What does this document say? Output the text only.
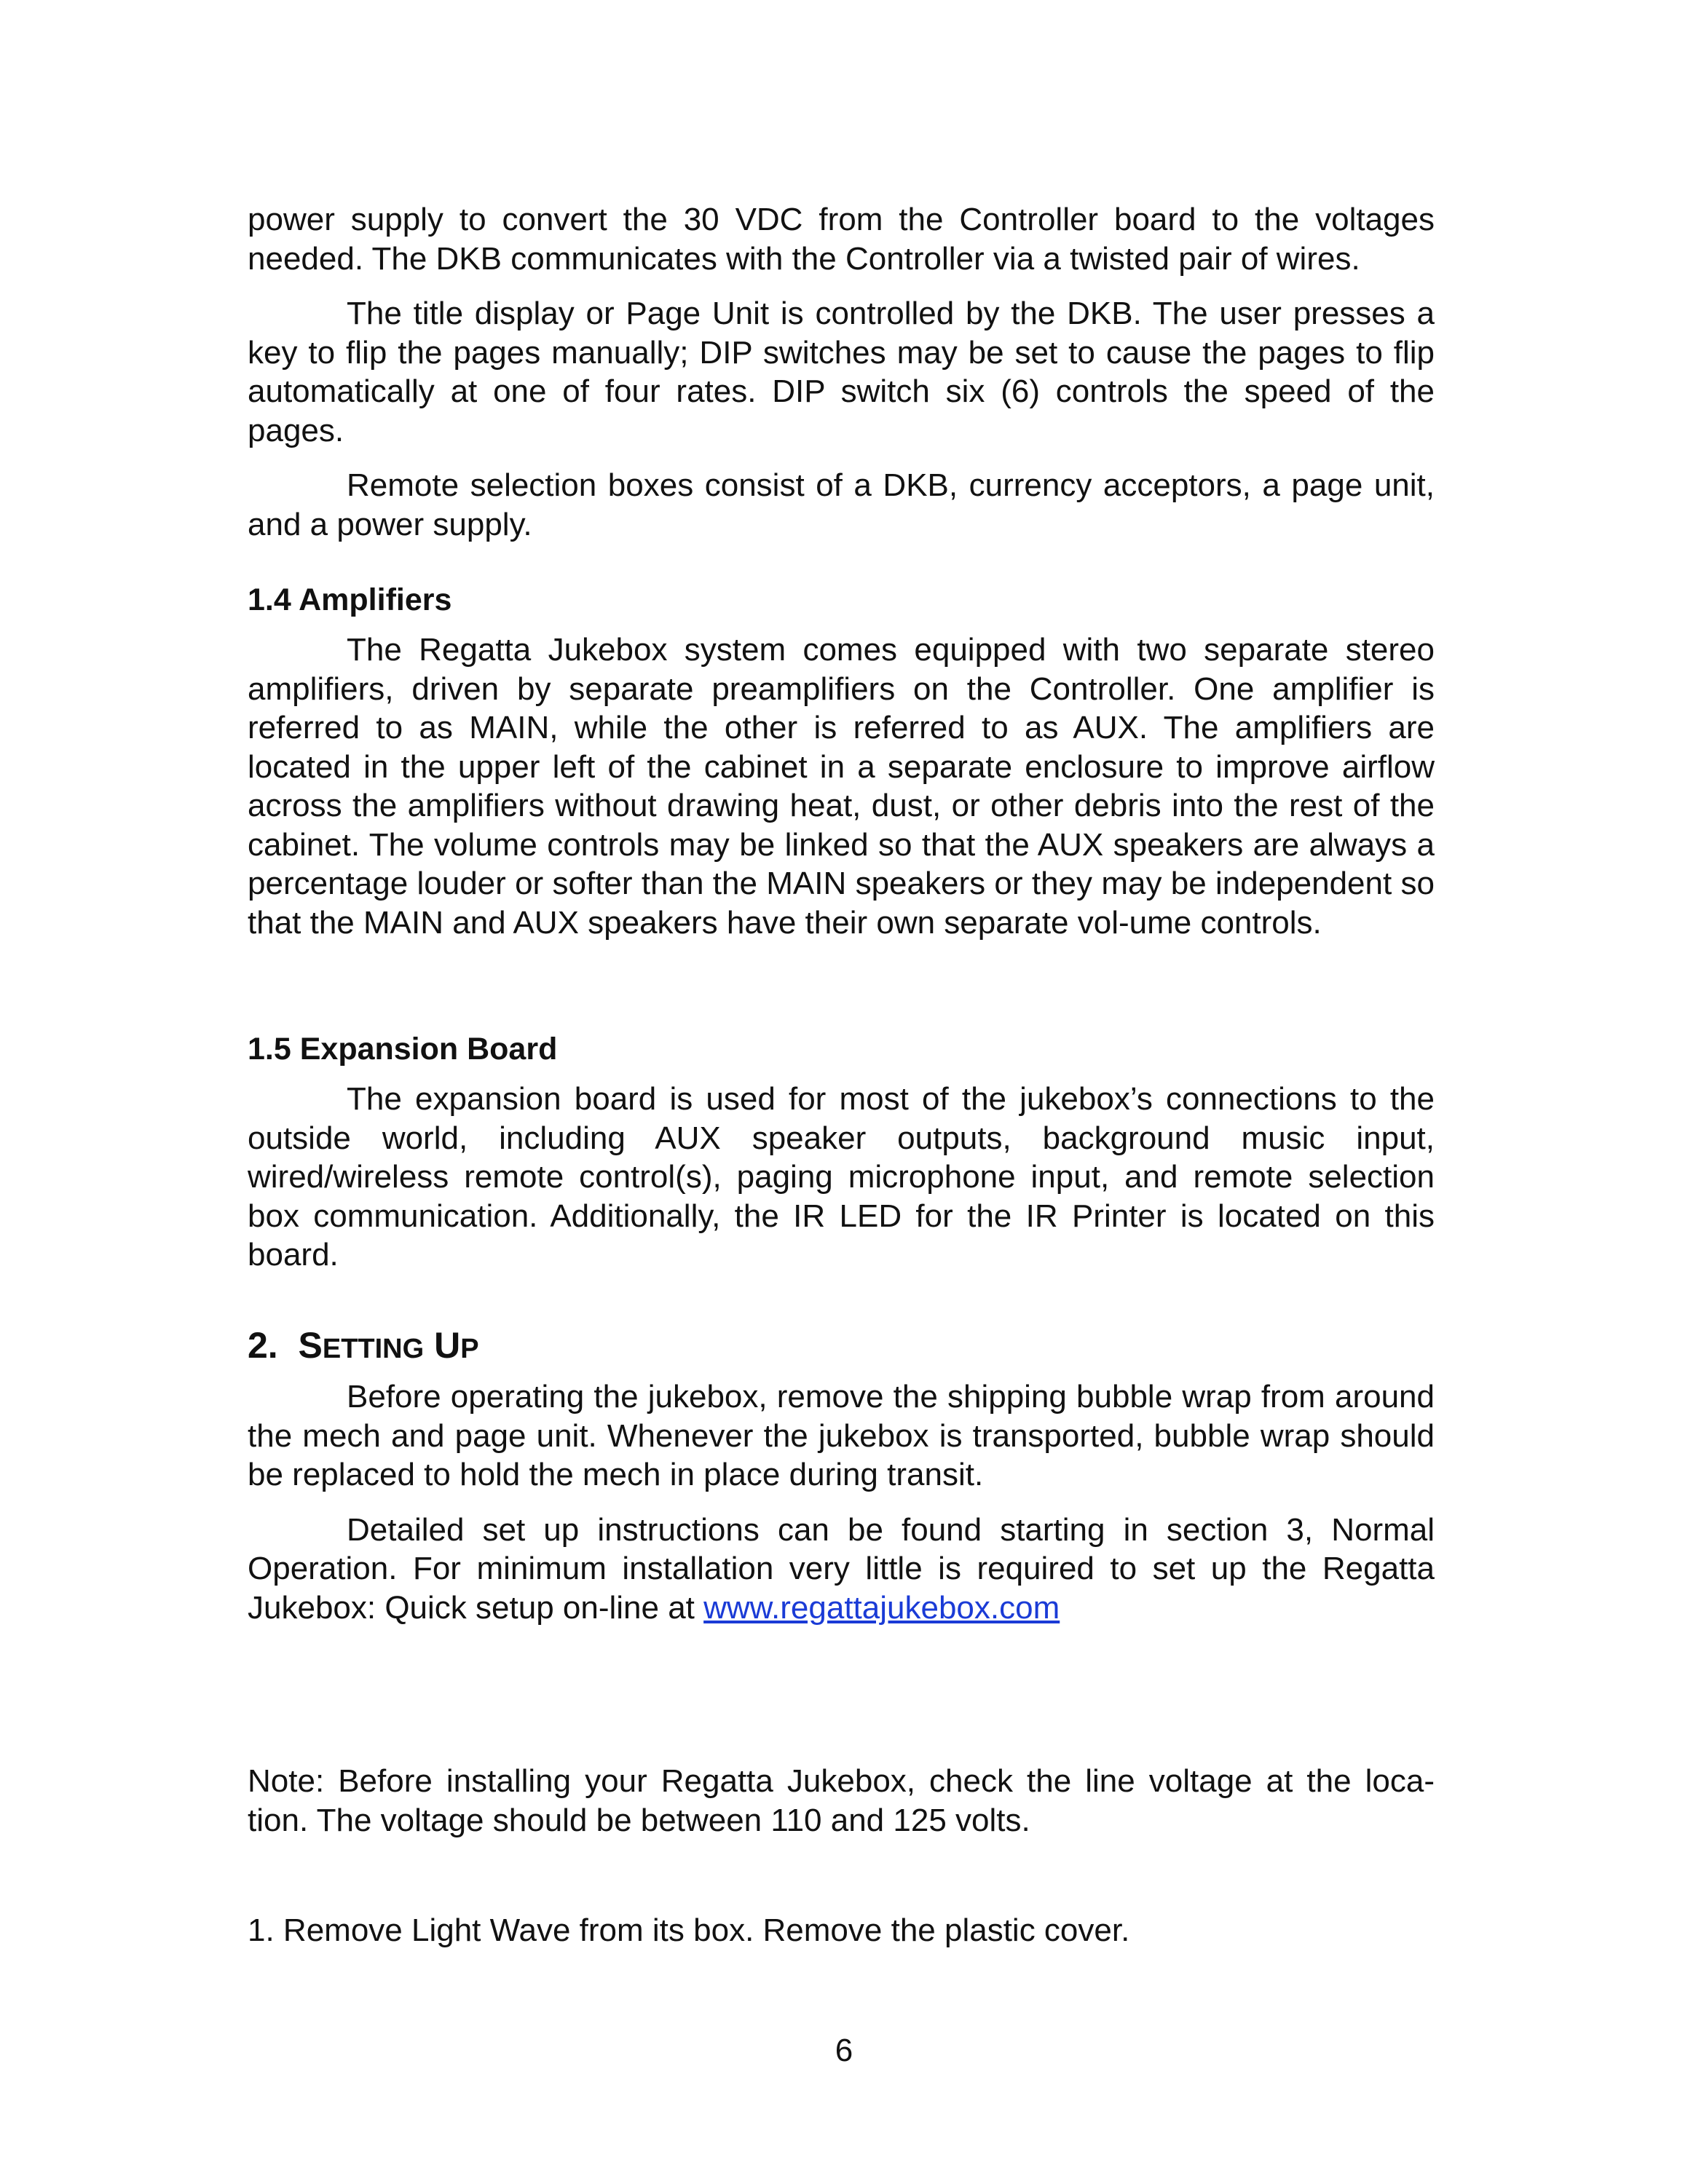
power supply to convert the 30 VDC from the Controller board to the voltages needed. The DKB communicates with the Controller via a twisted pair of wires.

The title display or Page Unit is controlled by the DKB. The user presses a key to flip the pages manually; DIP switches may be set to cause the pages to flip automatically at one of four rates. DIP switch six (6) controls the speed of the pages.

Remote selection boxes consist of a DKB, currency acceptors, a page unit, and a power supply.

1.4 Amplifiers

The Regatta Jukebox system comes equipped with two separate stereo amplifiers, driven by separate preamplifiers on the Controller. One amplifier is referred to as MAIN, while the other is referred to as AUX. The amplifiers are located in the upper left of the cabinet in a separate enclosure to improve airflow across the amplifiers without drawing heat, dust, or other debris into the rest of the cabinet. The volume controls may be linked so that the AUX speakers are always a percentage louder or softer than the MAIN speakers or they may be independent so that the MAIN and AUX speakers have their own separate vol-ume controls.

1.5 Expansion Board

The expansion board is used for most of the jukebox’s connections to the outside world, including AUX speaker outputs, background music input, wired/wireless remote control(s), paging microphone input, and remote selection box communication. Additionally, the IR LED for the IR Printer is located on this board.

2. SETTING UP

Before operating the jukebox, remove the shipping bubble wrap from around the mech and page unit. Whenever the jukebox is transported, bubble wrap should be replaced to hold the mech in place during transit.

Detailed set up instructions can be found starting in section 3, Normal Operation. For minimum installation very little is required to set up the Regatta Jukebox: Quick setup on-line at www.regattajukebox.com

Note: Before installing your Regatta Jukebox, check the line voltage at the loca-tion. The voltage should be between 110 and 125 volts.

1. Remove Light Wave from its box. Remove the plastic cover.

6
